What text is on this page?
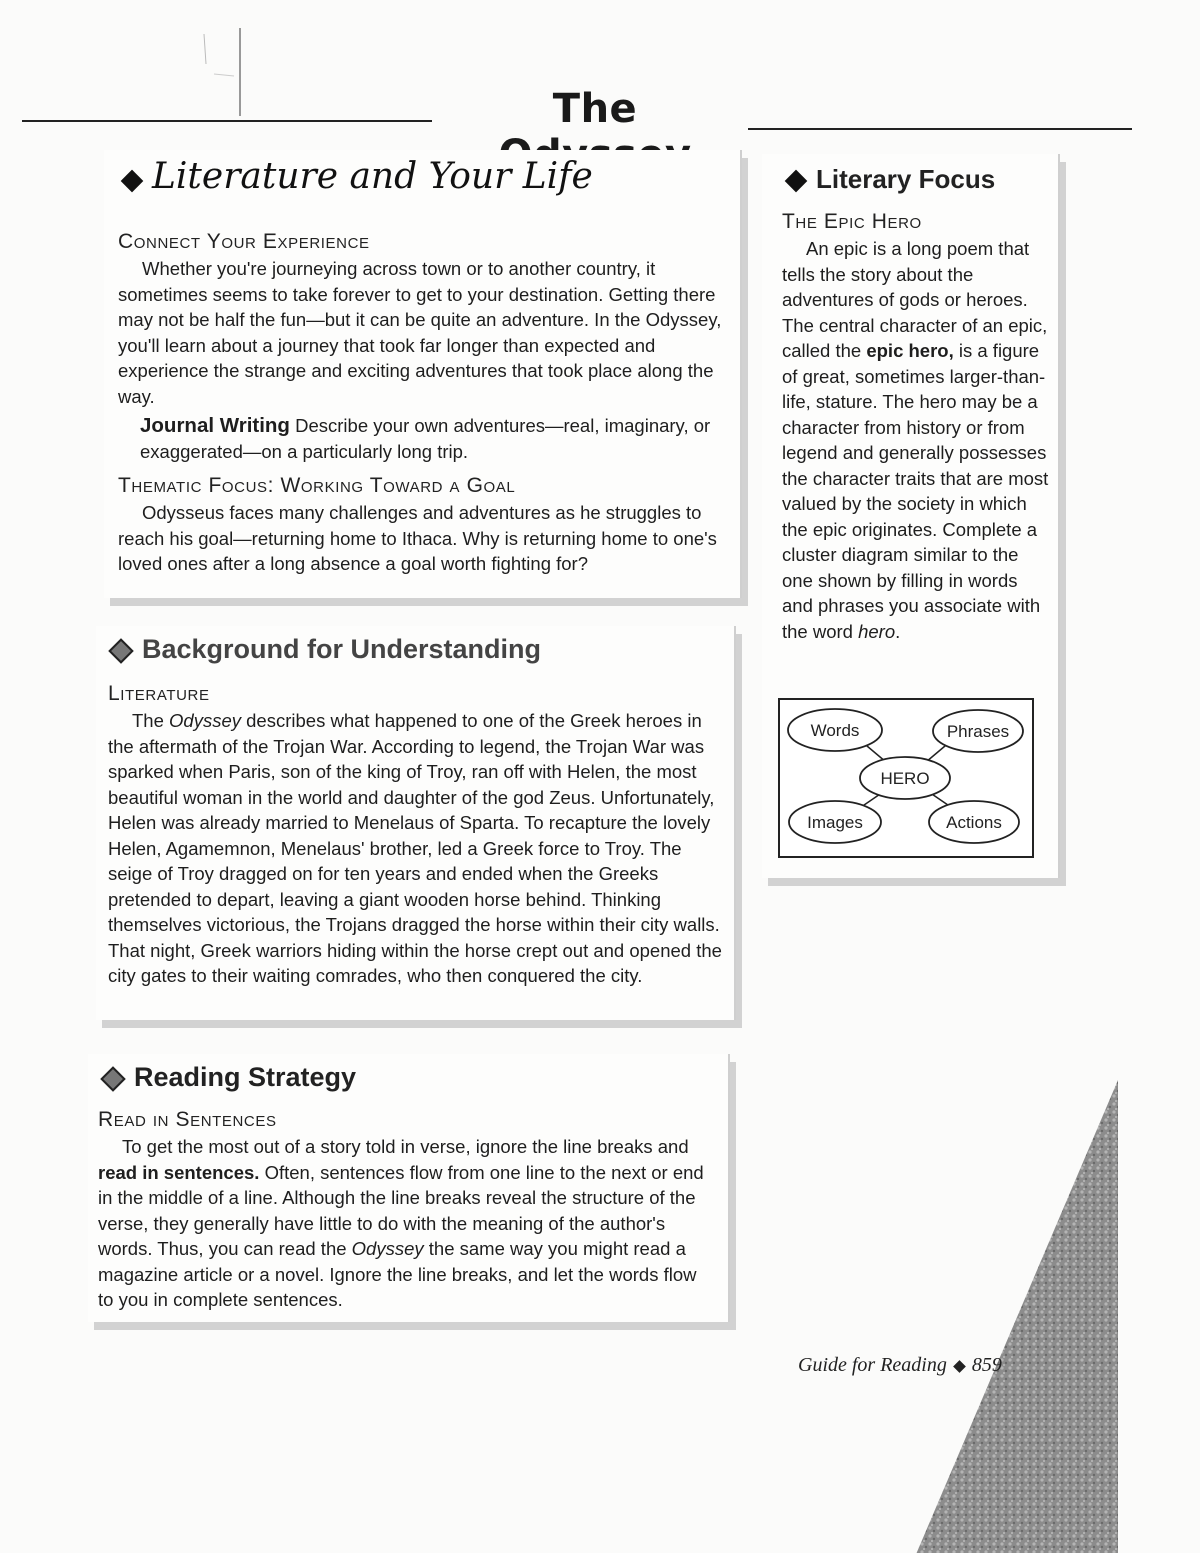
The
Literature and Your Life
Connect Your Experience
Whether you're journeying across town or to another country, it sometimes seems to take forever to get to your destination. Getting there may not be half the fun—but it can be quite an adventure. In the Odyssey, you'll learn about a journey that took far longer than expected and experience the strange and exciting adventures that took place along the way.
Journal Writing Describe your own adventures—real, imaginary, or exaggerated—on a particularly long trip.
Thematic Focus: Working Toward a Goal
Odysseus faces many challenges and adventures as he struggles to reach his goal—returning home to Ithaca. Why is returning home to one's loved ones after a long absence a goal worth fighting for?
Background for Understanding
Literature
The Odyssey describes what happened to one of the Greek heroes in the aftermath of the Trojan War. According to legend, the Trojan War was sparked when Paris, son of the king of Troy, ran off with Helen, the most beautiful woman in the world and daughter of the god Zeus. Unfortunately, Helen was already married to Menelaus of Sparta. To recapture the lovely Helen, Agamemnon, Menelaus' brother, led a Greek force to Troy. The seige of Troy dragged on for ten years and ended when the Greeks pretended to depart, leaving a giant wooden horse behind. Thinking themselves victorious, the Trojans dragged the horse within their city walls. That night, Greek warriors hiding within the horse crept out and opened the city gates to their waiting comrades, who then conquered the city.
Reading Strategy
Read in Sentences
To get the most out of a story told in verse, ignore the line breaks and read in sentences. Often, sentences flow from one line to the next or end in the middle of a line. Although the line breaks reveal the structure of the verse, they generally have little to do with the meaning of the author's words. Thus, you can read the Odyssey the same way you might read a magazine article or a novel. Ignore the line breaks, and let the words flow to you in complete sentences.
Literary Focus
The Epic Hero
An epic is a long poem that tells the story about the adventures of gods or heroes. The central character of an epic, called the epic hero, is a figure of great, sometimes larger-than-life, stature. The hero may be a character from history or from legend and generally possesses the character traits that are most valued by the society in which the epic originates. Complete a cluster diagram similar to the one shown by filling in words and phrases you associate with the word hero.
Words	Phrases
HERO
Images	Actions
Guide for Reading 859
